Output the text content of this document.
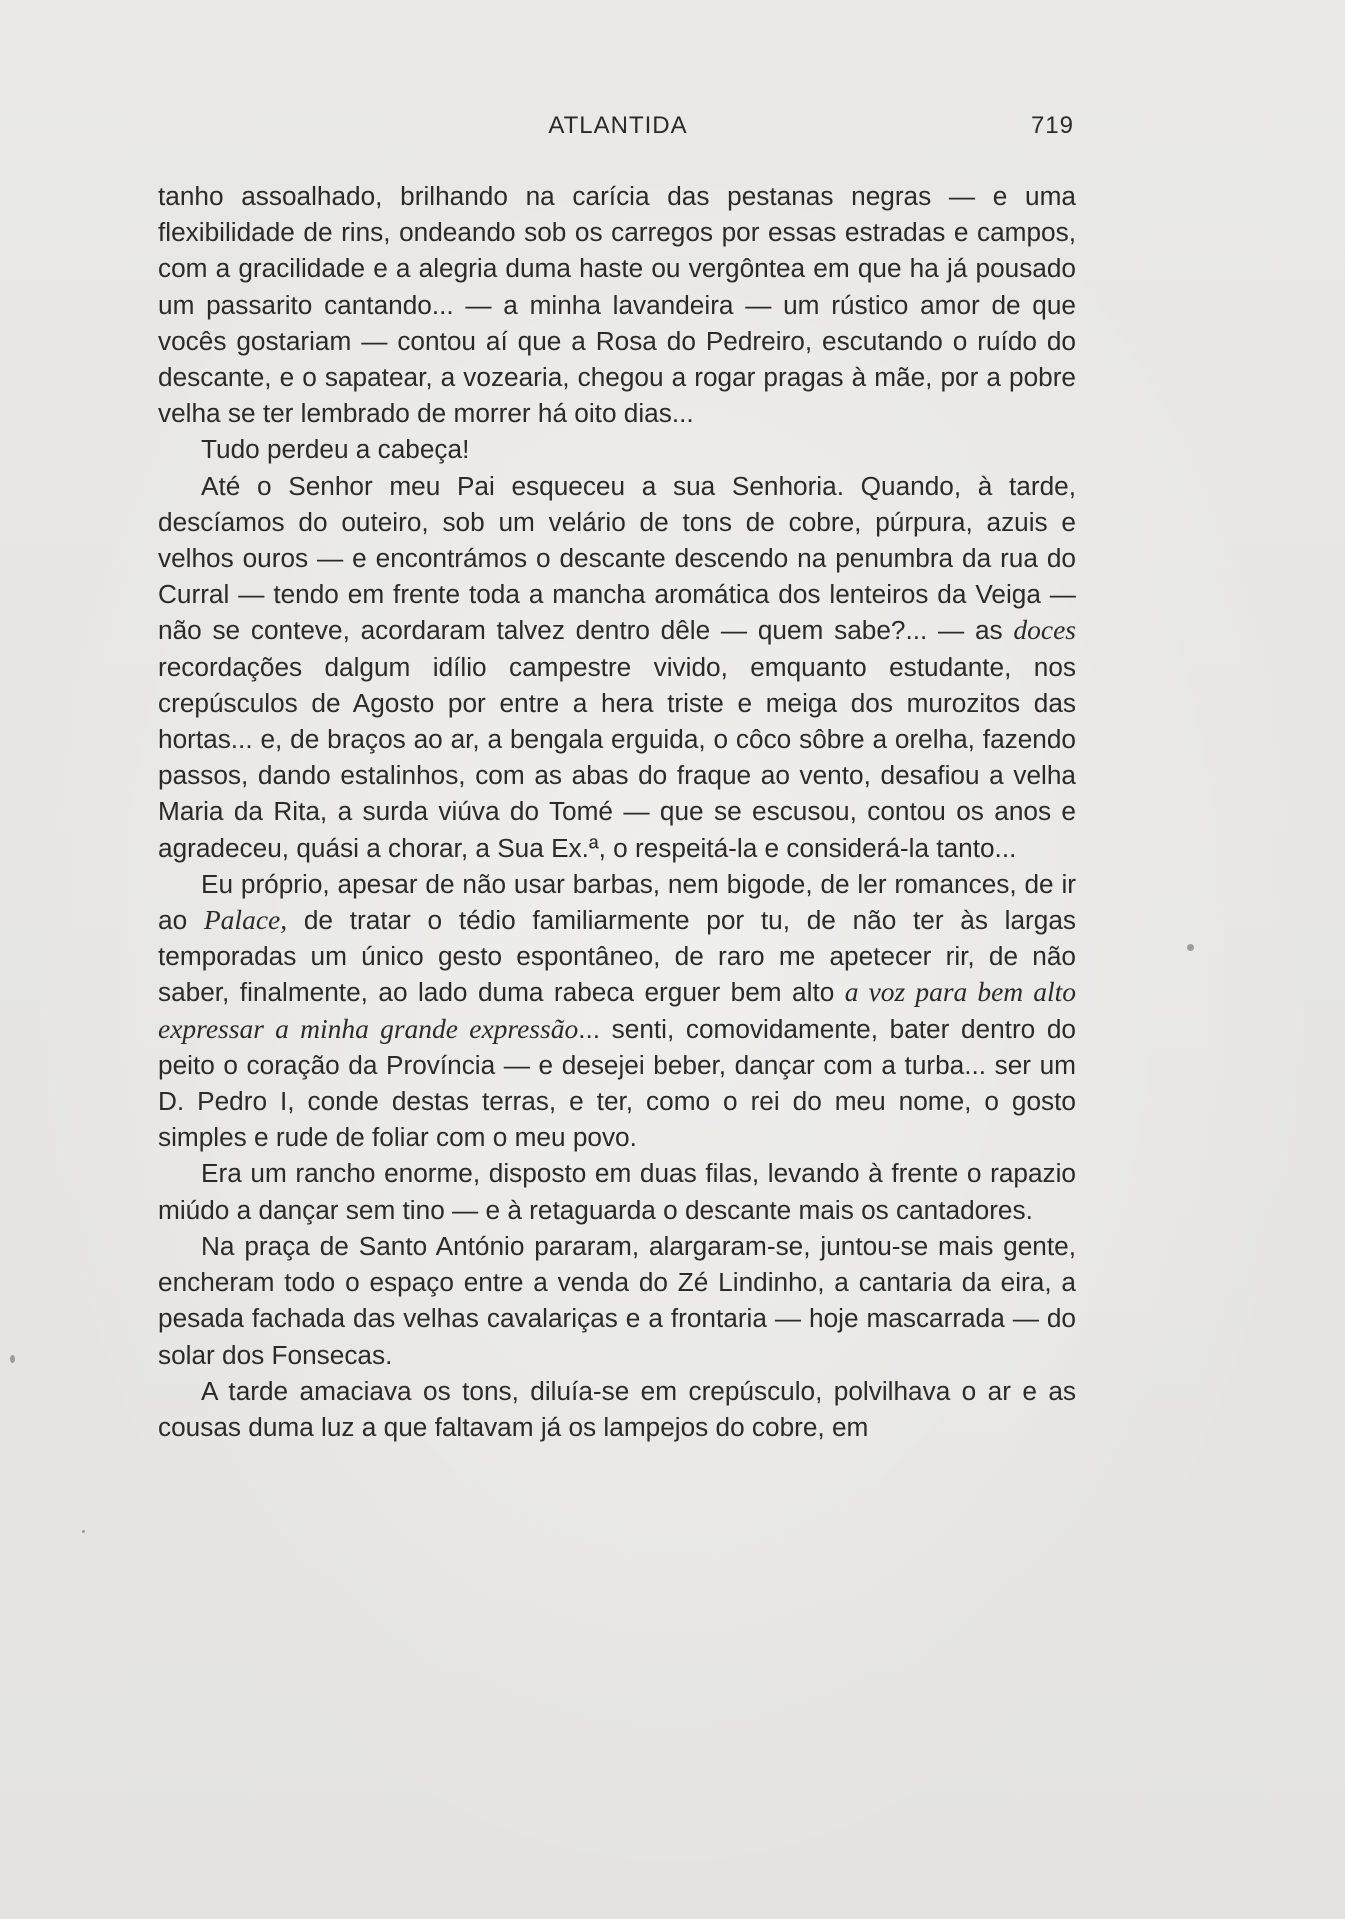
ATLANTIDA	719

tanho assoalhado, brilhando na carícia das pestanas negras — e uma flexibilidade de rins, ondeando sob os carregos por essas estradas e campos, com a gracilidade e a alegria duma haste ou vergôntea em que ha já pousado um passarito cantando... — a minha lavandeira — um rústico amor de que vocês gostariam — contou aí que a Rosa do Pedreiro, escutando o ruído do descante, e o sapatear, a vozearia, chegou a rogar pragas à mãe, por a pobre velha se ter lembrado de morrer há oito dias...

Tudo perdeu a cabeça!

Até o Senhor meu Pai esqueceu a sua Senhoria. Quando, à tarde, descíamos do outeiro, sob um velário de tons de cobre, púrpura, azuis e velhos ouros — e encontrámos o descante descendo na penumbra da rua do Curral — tendo em frente toda a mancha aromática dos lenteiros da Veiga — não se conteve, acordaram talvez dentro dêle — quem sabe?... — as doces recordações dalgum idílio campestre vivido, emquanto estudante, nos crepúsculos de Agosto por entre a hera triste e meiga dos murozitos das hortas... e, de braços ao ar, a bengala erguida, o côco sôbre a orelha, fazendo passos, dando estalinhos, com as abas do fraque ao vento, desafiou a velha Maria da Rita, a surda viúva do Tomé — que se escusou, contou os anos e agradeceu, quási a chorar, a Sua Ex.ª, o respeitá-la e considerá-la tanto...

Eu próprio, apesar de não usar barbas, nem bigode, de ler romances, de ir ao Palace, de tratar o tédio familiarmente por tu, de não ter às largas temporadas um único gesto espontâneo, de raro me apetecer rir, de não saber, finalmente, ao lado duma rabeca erguer bem alto a voz para bem alto expressar a minha grande expressão... senti, comovidamente, bater dentro do peito o coração da Província — e desejei beber, dançar com a turba... ser um D. Pedro I, conde destas terras, e ter, como o rei do meu nome, o gosto simples e rude de foliar com o meu povo.

Era um rancho enorme, disposto em duas filas, levando à frente o rapazio miúdo a dançar sem tino — e à retaguarda o descante mais os cantadores.

Na praça de Santo António pararam, alargaram-se, juntou-se mais gente, encheram todo o espaço entre a venda do Zé Lindinho, a cantaria da eira, a pesada fachada das velhas cavalariças e a frontaria — hoje mascarrada — do solar dos Fonsecas.

A tarde amaciava os tons, diluía-se em crepúsculo, polvilhava o ar e as cousas duma luz a que faltavam já os lampejos do cobre, em
